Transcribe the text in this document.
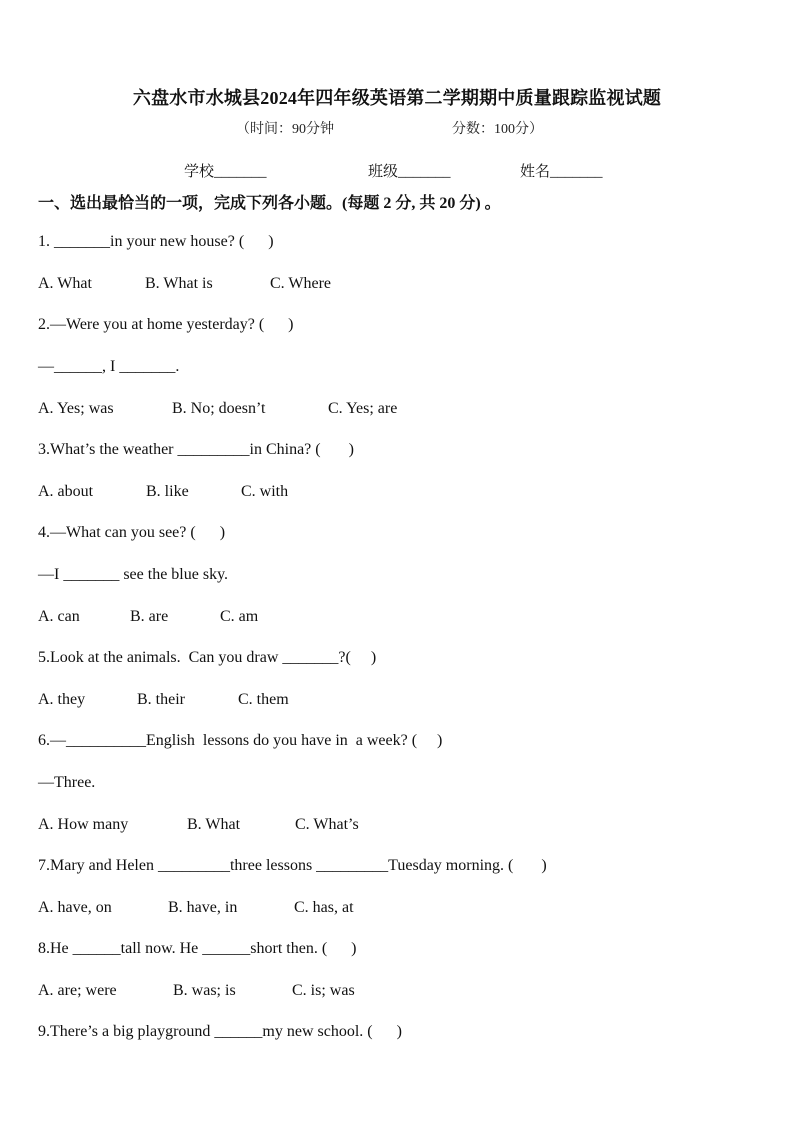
六盘水市水城县2024年四年级英语第二学期期中质量跟踪监视试题
（时间：90分钟	分数：100分）
学校_______	班级_______	姓名_______
一、选出最恰当的一项，完成下列各小题。(每题 2 分, 共 20 分) 。
1. _______in your new house? (      )
A. What	B. What is	C. Where
2.—Were you at home yesterday? (      )
—______, I _______.
A. Yes; was	B. No; doesn’t	C. Yes; are
3.What’s the weather _________in China? (       )
A. about	B. like	C. with
4.—What can you see? (      )
—I _______ see the blue sky.
A. can	B. are	C. am
5.Look at the animals.  Can you draw _______?(     )
A. they	B. their	C. them
6.—__________English  lessons do you have in  a week? (     )
—Three.
A. How many	B. What	C. What’s
7.Mary and Helen _________three lessons _________Tuesday morning. (       )
A. have, on	B. have, in	C. has, at
8.He ______tall now. He ______short then. (      )
A. are; were	B. was; is	C. is; was
9.There’s a big playground ______my new school. (      )
